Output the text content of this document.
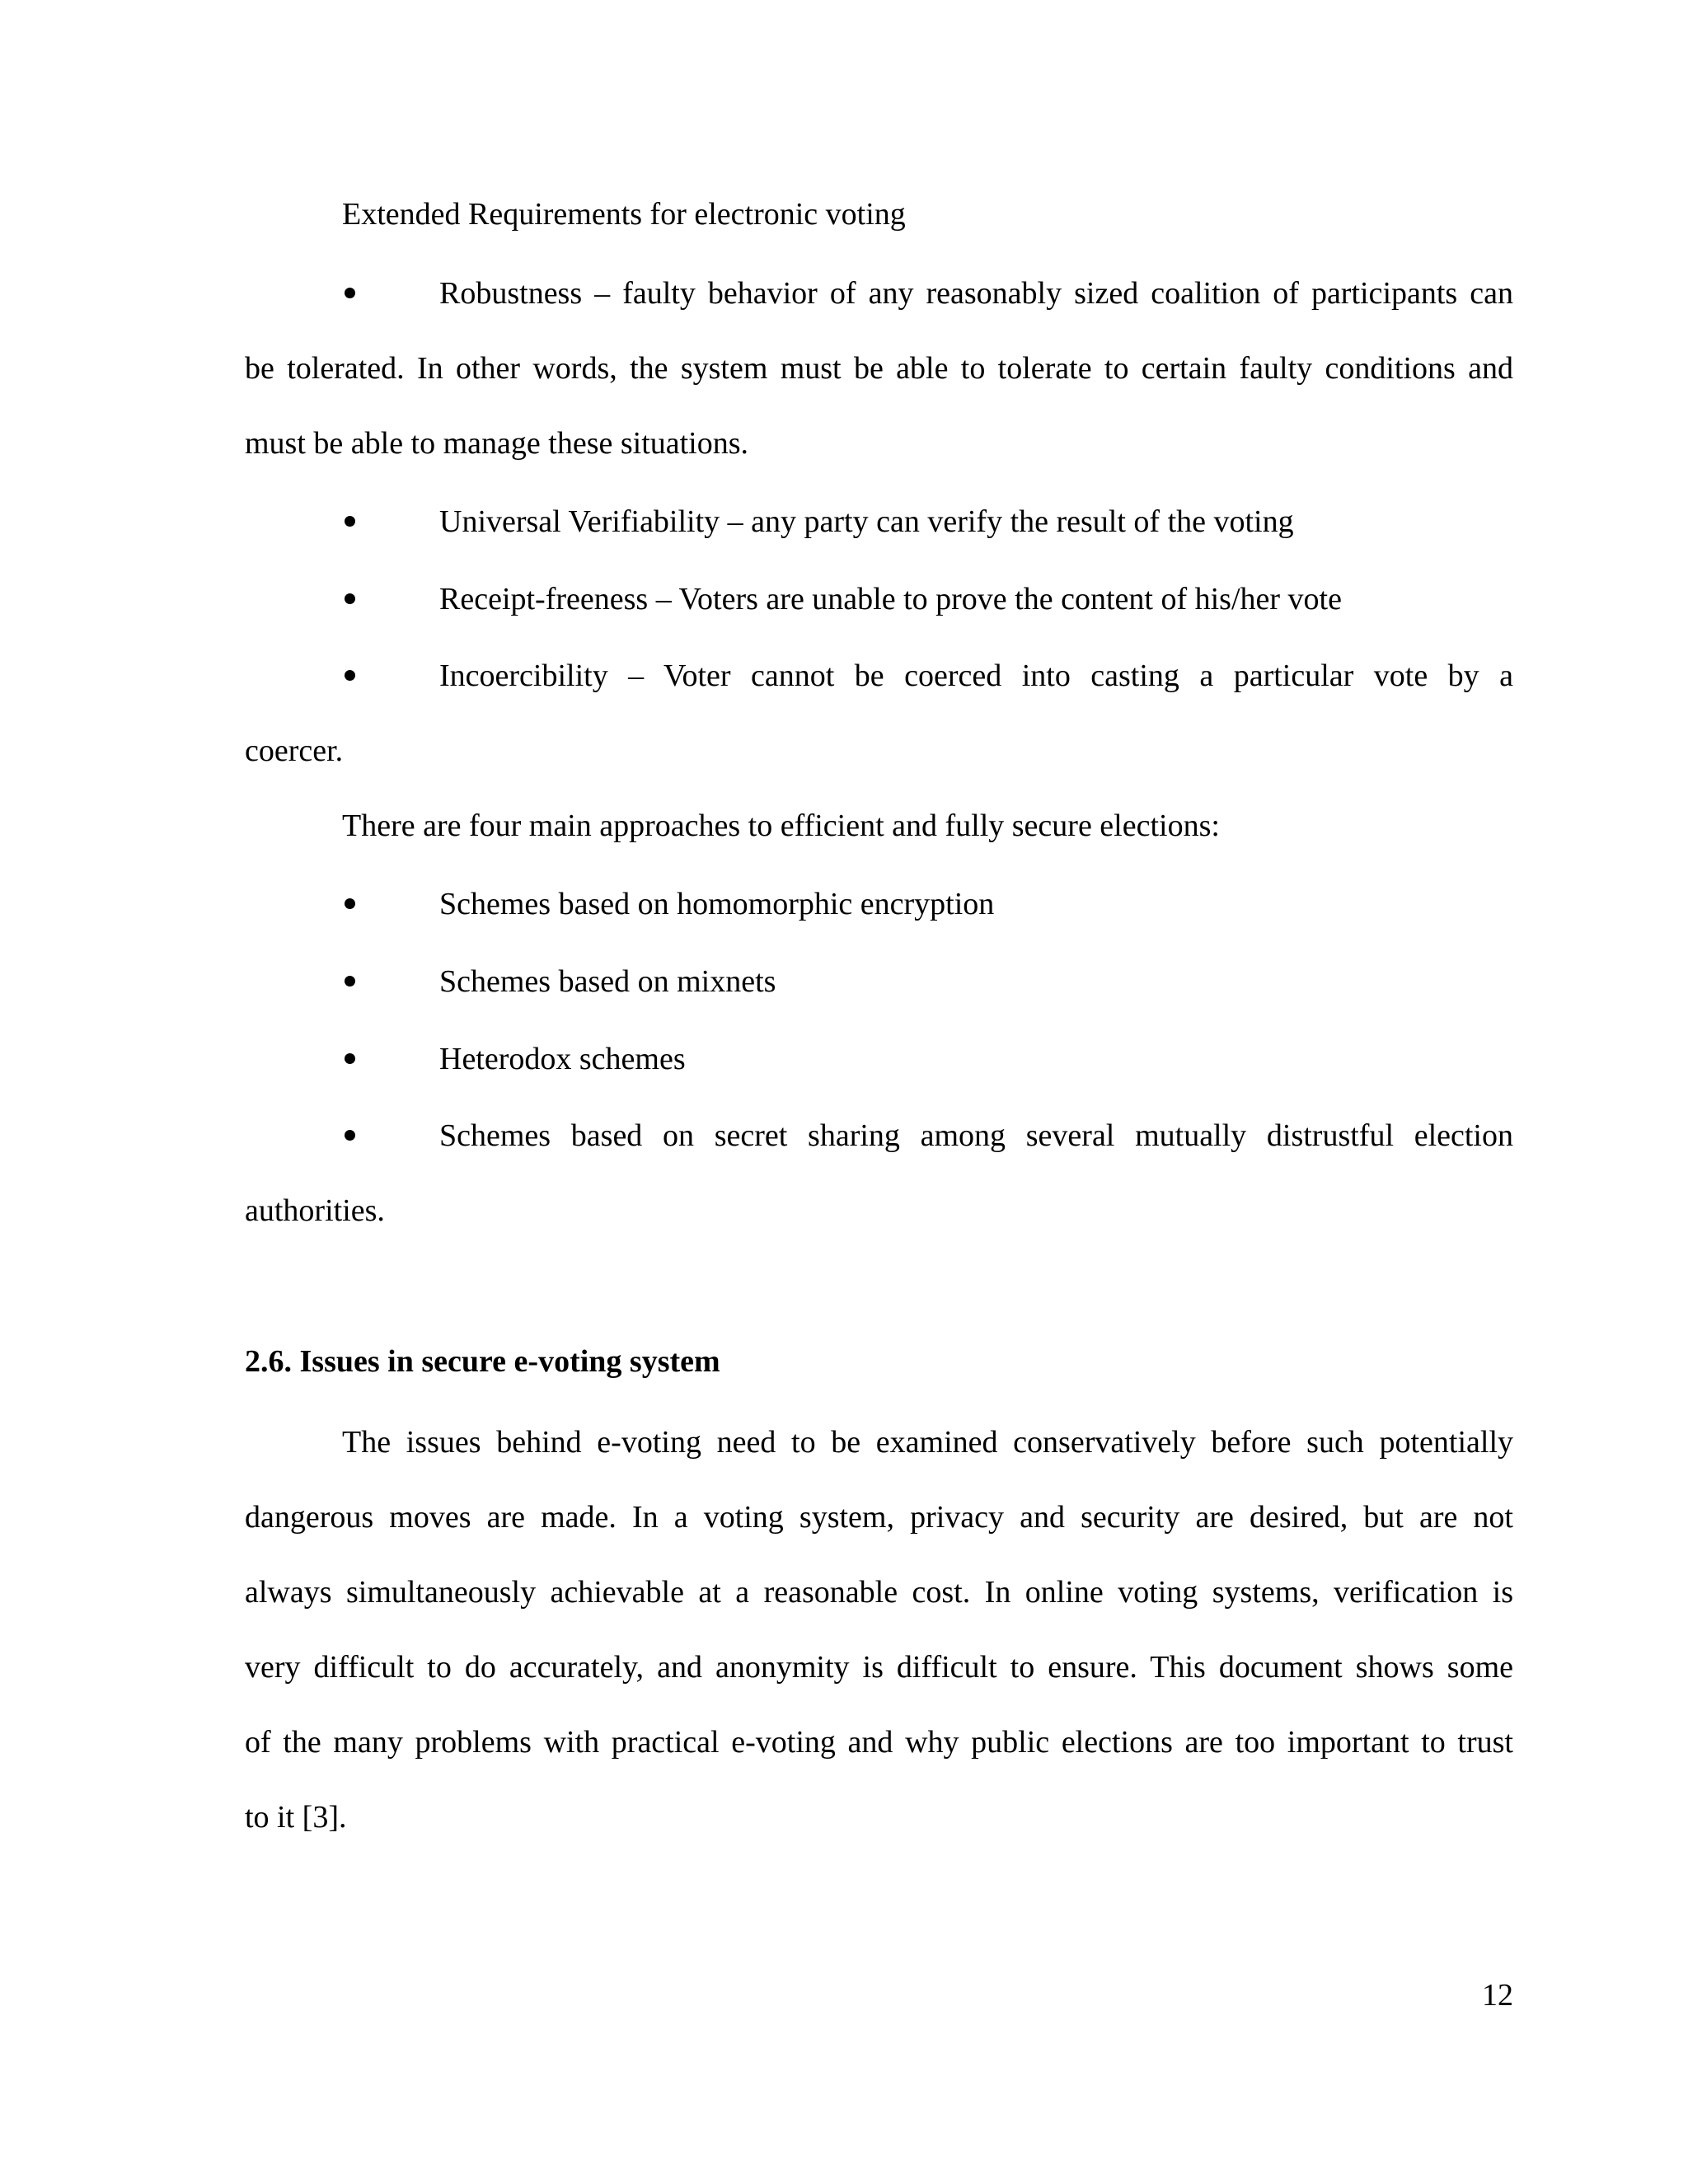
Extended Requirements for electronic voting
Robustness – faulty behavior of any reasonably sized coalition of participants can
be tolerated. In other words, the system must be able to tolerate to certain faulty conditions and
must be able to manage these situations.
Universal Verifiability – any party can verify the result of the voting
Receipt-freeness – Voters are unable to prove the content of his/her vote
Incoercibility – Voter cannot be coerced into casting a particular vote by a
coercer.
There are four main approaches to efficient and fully secure elections:
Schemes based on homomorphic encryption
Schemes based on mixnets
Heterodox schemes
Schemes based on secret sharing among several mutually distrustful election
authorities.
2.6. Issues in secure e-voting system
The issues behind e-voting need to be examined conservatively before such potentially
dangerous moves are made. In a voting system, privacy and security are desired, but are not
always simultaneously achievable at a reasonable cost. In online voting systems, verification is
very difficult to do accurately, and anonymity is difficult to ensure. This document shows some
of the many problems with practical e-voting and why public elections are too important to trust
to it [3].
12
